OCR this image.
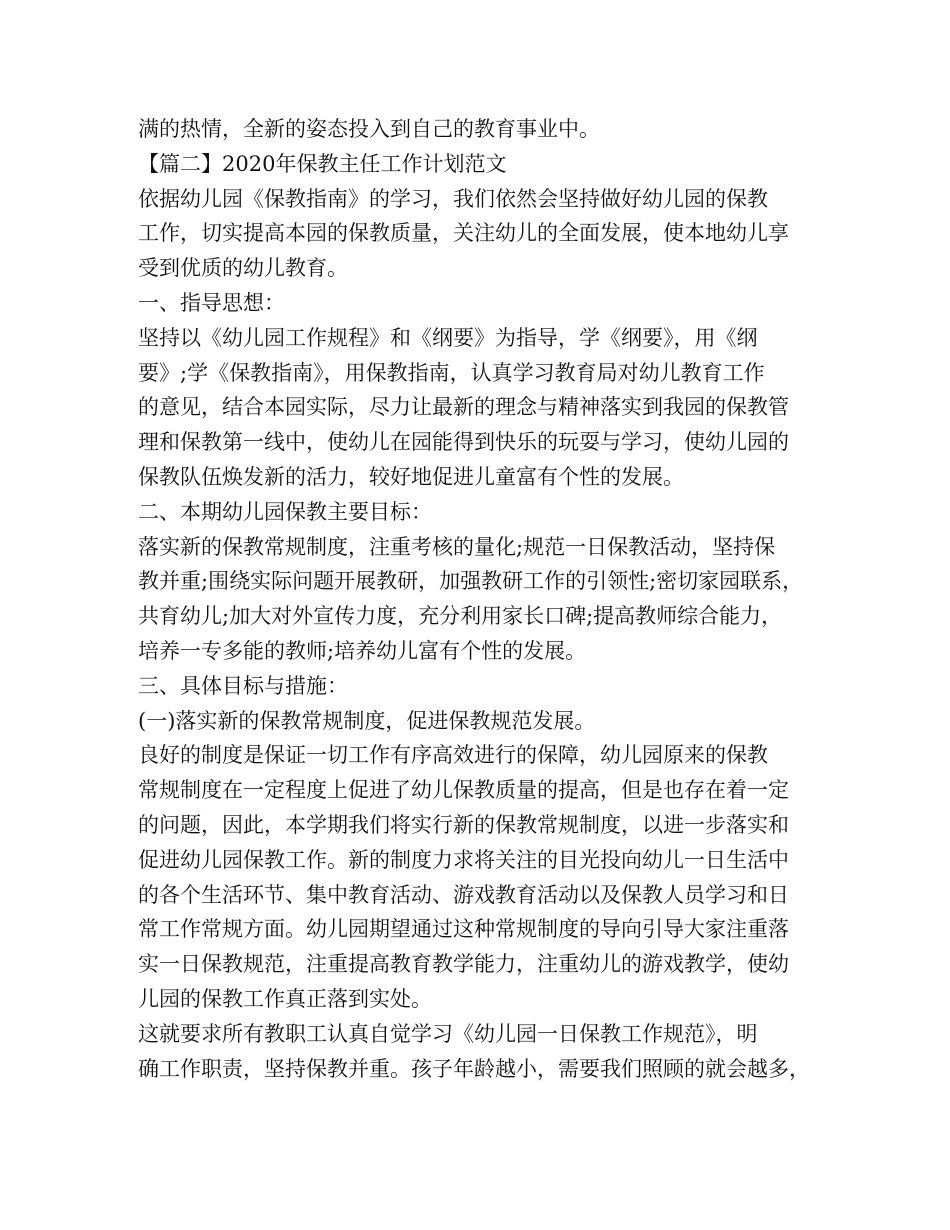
满的热情，全新的姿态投入到自己的教育事业中。

【篇二】2020年保教主任工作计划范文

依据幼儿园《保教指南》的学习，我们依然会坚持做好幼儿园的保教

工作，切实提高本园的保教质量，关注幼儿的全面发展，使本地幼儿享

受到优质的幼儿教育。

一、指导思想：

坚持以《幼儿园工作规程》和《纲要》为指导，学《纲要》，用《纲

要》;学《保教指南》，用保教指南，认真学习教育局对幼儿教育工作

的意见，结合本园实际，尽力让最新的理念与精神落实到我园的保教管

理和保教第一线中，使幼儿在园能得到快乐的玩耍与学习，使幼儿园的

保教队伍焕发新的活力，较好地促进儿童富有个性的发展。

二、本期幼儿园保教主要目标：

落实新的保教常规制度，注重考核的量化;规范一日保教活动，坚持保

教并重;围绕实际问题开展教研，加强教研工作的引领性;密切家园联系，

共育幼儿;加大对外宣传力度，充分利用家长口碑;提高教师综合能力，

培养一专多能的教师;培养幼儿富有个性的发展。

三、具体目标与措施：

(一)落实新的保教常规制度，促进保教规范发展。

良好的制度是保证一切工作有序高效进行的保障，幼儿园原来的保教

常规制度在一定程度上促进了幼儿保教质量的提高，但是也存在着一定

的问题，因此，本学期我们将实行新的保教常规制度，以进一步落实和

促进幼儿园保教工作。新的制度力求将关注的目光投向幼儿一日生活中

的各个生活环节、集中教育活动、游戏教育活动以及保教人员学习和日

常工作常规方面。幼儿园期望通过这种常规制度的导向引导大家注重落

实一日保教规范，注重提高教育教学能力，注重幼儿的游戏教学，使幼

儿园的保教工作真正落到实处。

这就要求所有教职工认真自觉学习《幼儿园一日保教工作规范》，明

确工作职责，坚持保教并重。孩子年龄越小，需要我们照顾的就会越多，
